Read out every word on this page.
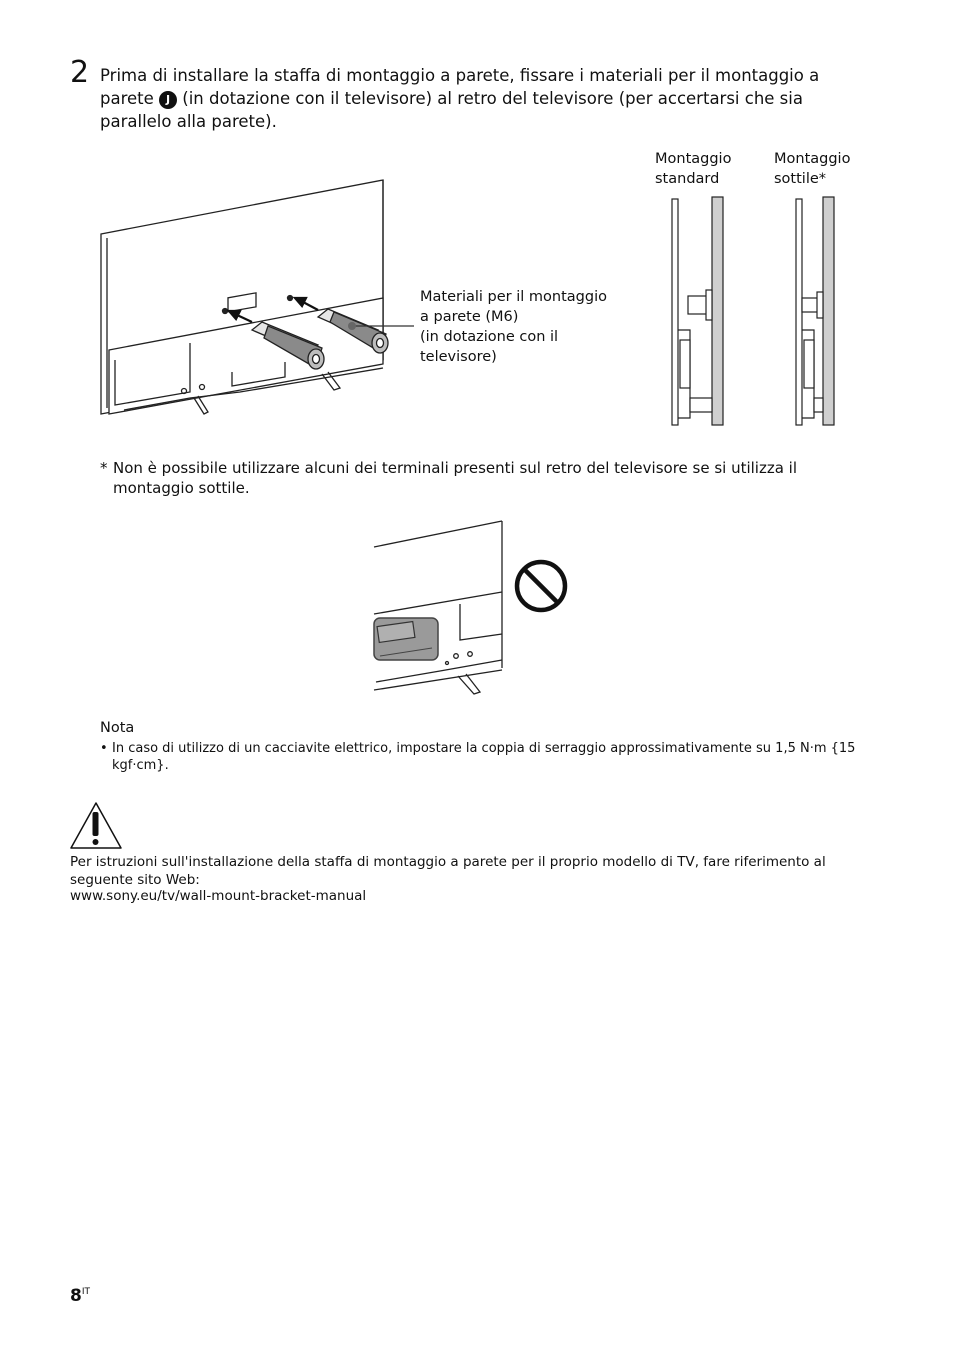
2 Prima di installare la staffa di montaggio a parete, fissare i materiali per il montaggio a parete J (in dotazione con il televisore) al retro del televisore (per accertarsi che sia parallelo alla parete).
Materiali per il montaggio
a parete (M6)
(in dotazione con il
televisore)
Montaggio
standard
Montaggio
sottile*
* Non è possibile utilizzare alcuni dei terminali presenti sul retro del televisore se si utilizza il montaggio sottile.
Nota
• In caso di utilizzo di un cacciavite elettrico, impostare la coppia di serraggio approssimativamente su 1,5 N·m {15 kgf·cm}.
Per istruzioni sull'installazione della staffa di montaggio a parete per il proprio modello di TV, fare riferimento al seguente sito Web:
www.sony.eu/tv/wall-mount-bracket-manual
$8^{IT}$
